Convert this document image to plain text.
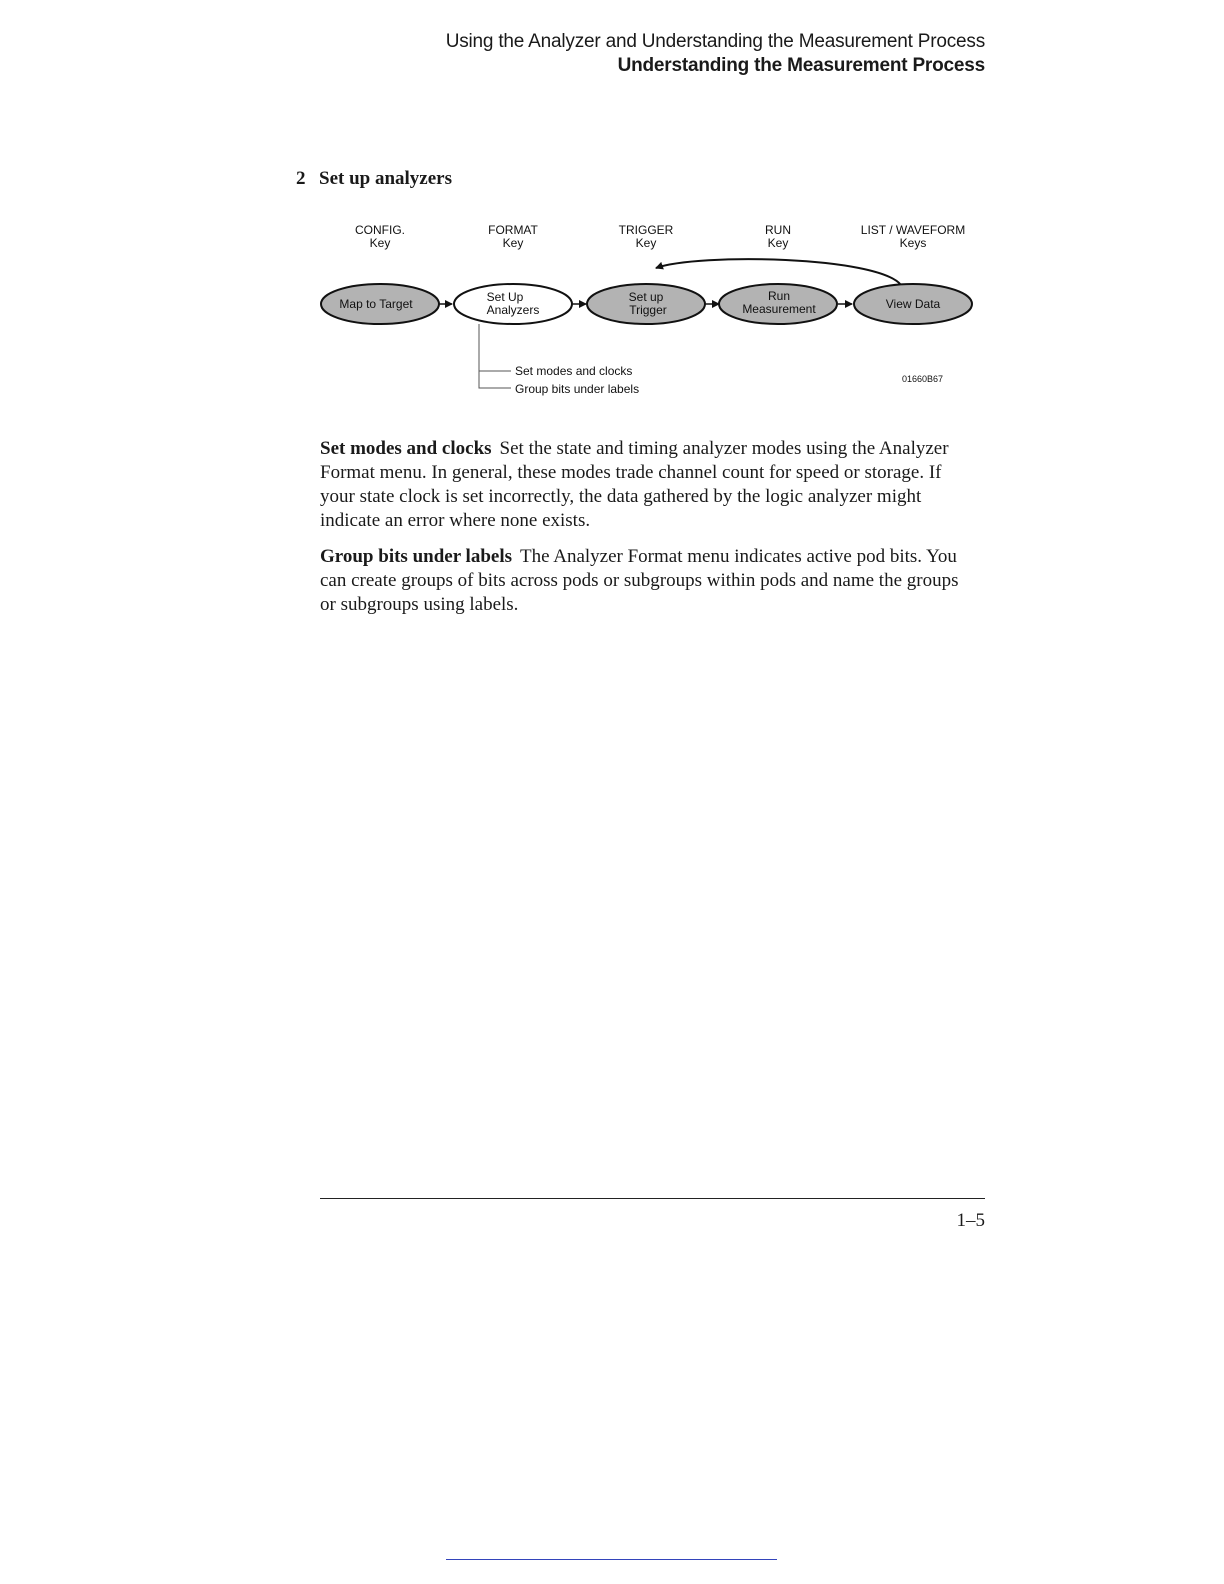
Using the Analyzer and Understanding the Measurement Process
Understanding the Measurement Process
2 Set up analyzers
CONFIG.
Key
FORMAT
Key
TRIGGER
Key
RUN
Key
LIST / WAVEFORM
Keys
Map to Target	Set Up
Analyzers
Set up
Trigger
Run
Measurement	View Data
Set modes and clocks
Group bits under labels
01660B67

Set modes and clocks Set the state and timing analyzer modes using the Analyzer Format menu. In general, these modes trade channel count for speed or storage. If your state clock is set incorrectly, the data gathered by the logic analyzer might indicate an error where none exists.

Group bits under labels The Analyzer Format menu indicates active pod bits. You can create groups of bits across pods or subgroups within pods and name the groups or subgroups using labels.

1–5
